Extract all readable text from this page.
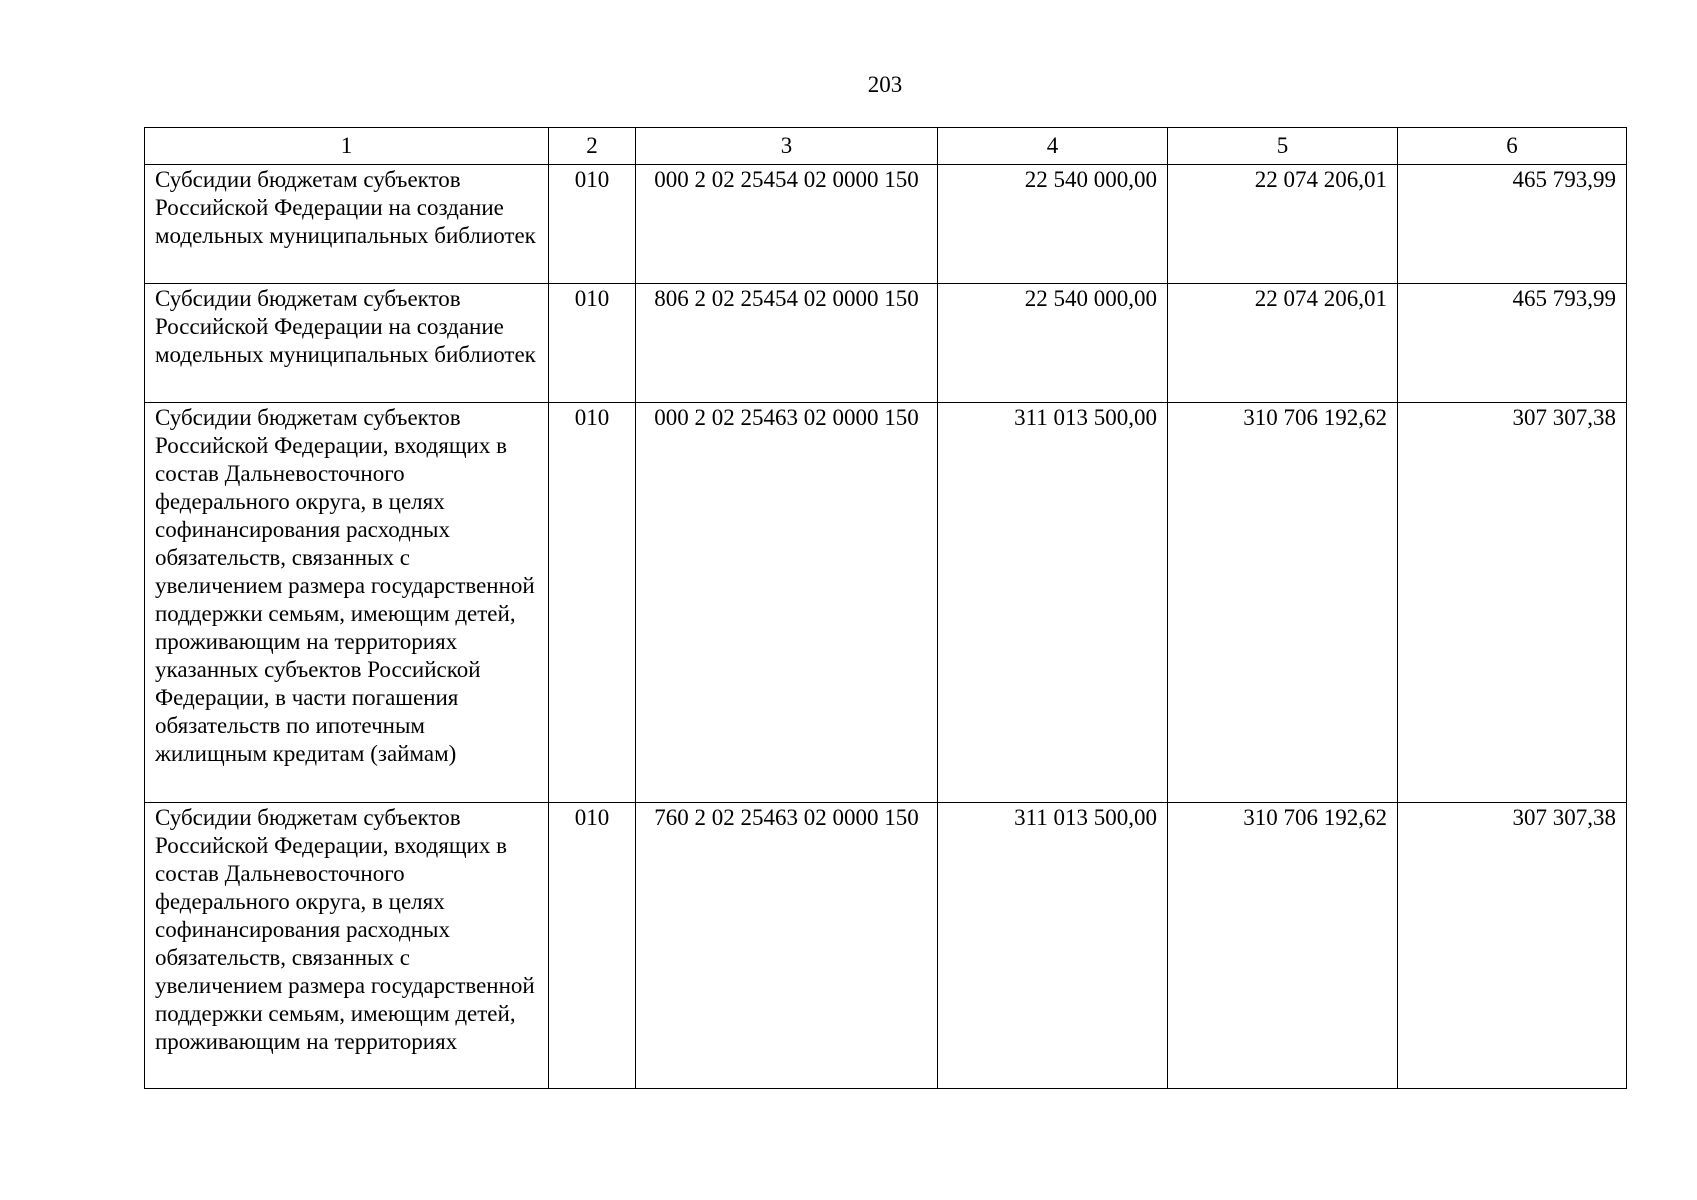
203
1	2	3	4	5	6
Субсидии бюджетам субъектов Российской Федерации на создание модельных муниципальных библиотек	010	000 2 02 25454 02 0000 150	22 540 000,00	22 074 206,01	465 793,99
Субсидии бюджетам субъектов Российской Федерации на создание модельных муниципальных библиотек	010	806 2 02 25454 02 0000 150	22 540 000,00	22 074 206,01	465 793,99
Субсидии бюджетам субъектов Российской Федерации, входящих в состав Дальневосточного федерального округа, в целях софинансирования расходных обязательств, связанных с увеличением размера государственной поддержки семьям, имеющим детей, проживающим на территориях указанных субъектов Российской Федерации, в части погашения обязательств по ипотечным жилищным кредитам (займам)	010	000 2 02 25463 02 0000 150	311 013 500,00	310 706 192,62	307 307,38
Субсидии бюджетам субъектов Российской Федерации, входящих в состав Дальневосточного федерального округа, в целях софинансирования расходных обязательств, связанных с увеличением размера государственной поддержки семьям, имеющим детей, проживающим на территориях	010	760 2 02 25463 02 0000 150	311 013 500,00	310 706 192,62	307 307,38
